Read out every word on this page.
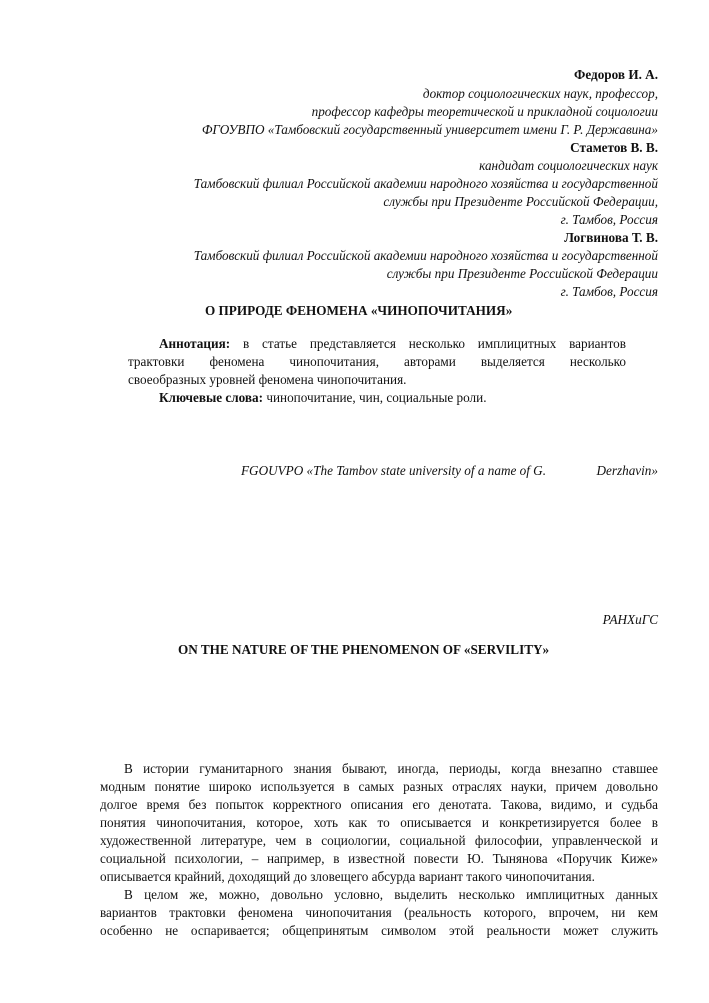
Федоров И. А.
доктор социологических наук, профессор,
профессор кафедры теоретической и прикладной социологии
ФГОУВПО «Тамбовский государственный университет имени Г. Р. Державина»
Стаметов В. В.
кандидат социологических наук
Тамбовский филиал Российской академии народного хозяйства и государственной
службы при Президенте Российской Федерации,
г. Тамбов, Россия
Логвинова Т. В.
Тамбовский филиал Российской академии народного хозяйства и государственной
службы при Президенте Российской Федерации
г. Тамбов, Россия
О ПРИРОДЕ ФЕНОМЕНА «ЧИНОПОЧИТАНИЯ»
Аннотация: в статье представляется несколько имплицитных вариантов
трактовки феномена чинопочитания, авторами выделяется несколько
своеобразных уровней феномена чинопочитания.
Ключевые слова: чинопочитание, чин, социальные роли.
FGOUVPO «The Tambov state university of a name of G.	Derzhavin»
РАНХиГС
ON THE NATURE OF THE PHENOMENON OF «SERVILITY»
В истории гуманитарного знания бывают, иногда, периоды, когда внезапно ставшее
модным понятие широко используется в самых разных отраслях науки, причем довольно
долгое время без попыток корректного описания его денотата. Такова, видимо, и судьба
понятия чинопочитания, которое, хоть как то описывается и конкретизируется более в
художественной литературе, чем в социологии, социальной философии, управленческой и
социальной психологии, – например, в известной повести Ю. Тынянова «Поручик Киже»
описывается крайний, доходящий до зловещего абсурда вариант такого чинопочитания.
В целом же, можно, довольно условно, выделить несколько имплицитных данных
вариантов трактовки феномена чинопочитания (реальность которого, впрочем, ни кем
особенно не оспаривается; общепринятым символом этой реальности может служить
